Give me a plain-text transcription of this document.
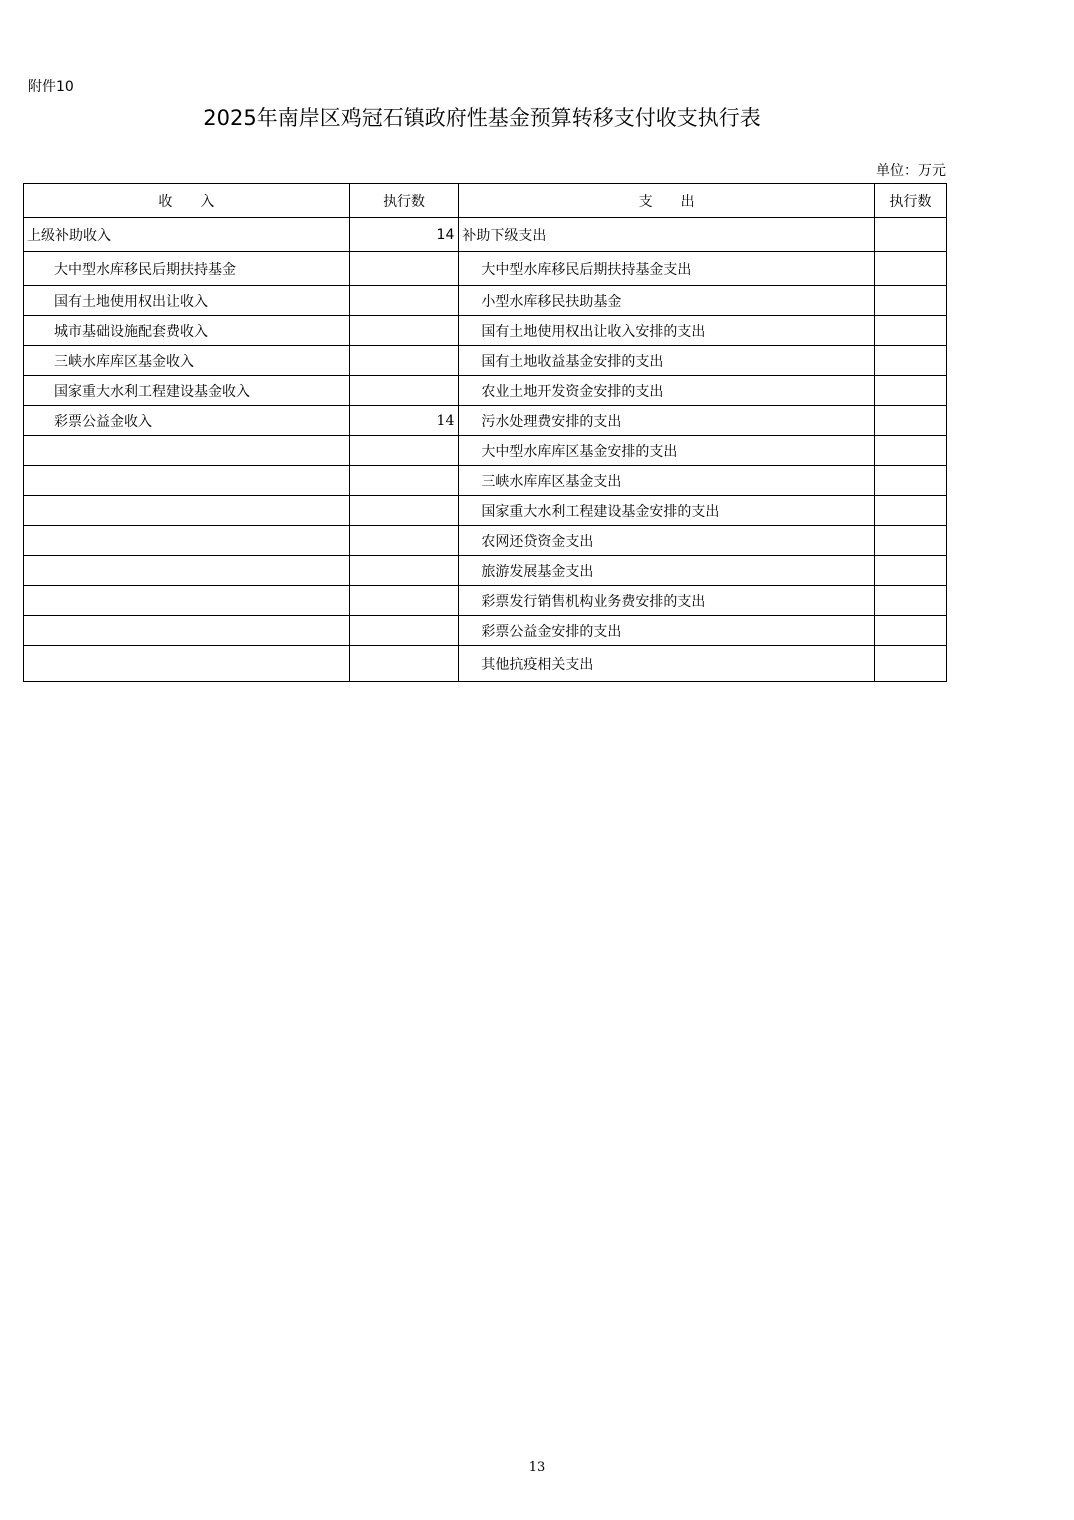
附件10
2025年南岸区鸡冠石镇政府性基金预算转移支付收支执行表
单位：万元
收　　入	执行数	支　　出	执行数
上级补助收入	14	补助下级支出	
大中型水库移民后期扶持基金		大中型水库移民后期扶持基金支出	
国有土地使用权出让收入		小型水库移民扶助基金	
城市基础设施配套费收入		国有土地使用权出让收入安排的支出	
三峡水库库区基金收入		国有土地收益基金安排的支出	
国家重大水利工程建设基金收入		农业土地开发资金安排的支出	
彩票公益金收入	14	污水处理费安排的支出	
		大中型水库库区基金安排的支出	
		三峡水库库区基金支出	
		国家重大水利工程建设基金安排的支出	
		农网还贷资金支出	
		旅游发展基金支出	
		彩票发行销售机构业务费安排的支出	
		彩票公益金安排的支出	
		其他抗疫相关支出	
13
